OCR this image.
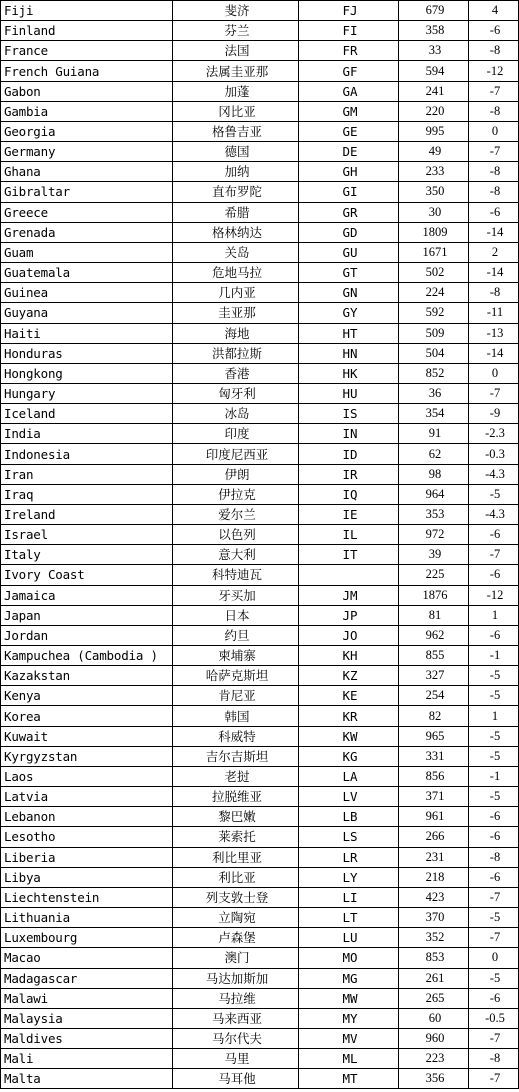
Fiji	斐济	FJ	679	4
Finland	芬兰	FI	358	-6
France	法国	FR	33	-8
French Guiana	法属圭亚那	GF	594	-12
Gabon	加蓬	GA	241	-7
Gambia	冈比亚	GM	220	-8
Georgia	格鲁吉亚	GE	995	0
Germany	德国	DE	49	-7
Ghana	加纳	GH	233	-8
Gibraltar	直布罗陀	GI	350	-8
Greece	希腊	GR	30	-6
Grenada	格林纳达	GD	1809	-14
Guam	关岛	GU	1671	2
Guatemala	危地马拉	GT	502	-14
Guinea	几内亚	GN	224	-8
Guyana	圭亚那	GY	592	-11
Haiti	海地	HT	509	-13
Honduras	洪都拉斯	HN	504	-14
Hongkong	香港	HK	852	0
Hungary	匈牙利	HU	36	-7
Iceland	冰岛	IS	354	-9
India	印度	IN	91	-2.3
Indonesia	印度尼西亚	ID	62	-0.3
Iran	伊朗	IR	98	-4.3
Iraq	伊拉克	IQ	964	-5
Ireland	爱尔兰	IE	353	-4.3
Israel	以色列	IL	972	-6
Italy	意大利	IT	39	-7
Ivory Coast	科特迪瓦		225	-6
Jamaica	牙买加	JM	1876	-12
Japan	日本	JP	81	1
Jordan	约旦	JO	962	-6
Kampuchea (Cambodia )	柬埔寨	KH	855	-1
Kazakstan	哈萨克斯坦	KZ	327	-5
Kenya	肯尼亚	KE	254	-5
Korea	韩国	KR	82	1
Kuwait	科威特	KW	965	-5
Kyrgyzstan	吉尔吉斯坦	KG	331	-5
Laos	老挝	LA	856	-1
Latvia	拉脱维亚	LV	371	-5
Lebanon	黎巴嫩	LB	961	-6
Lesotho	莱索托	LS	266	-6
Liberia	利比里亚	LR	231	-8
Libya	利比亚	LY	218	-6
Liechtenstein	列支敦士登	LI	423	-7
Lithuania	立陶宛	LT	370	-5
Luxembourg	卢森堡	LU	352	-7
Macao	澳门	MO	853	0
Madagascar	马达加斯加	MG	261	-5
Malawi	马拉维	MW	265	-6
Malaysia	马来西亚	MY	60	-0.5
Maldives	马尔代夫	MV	960	-7
Mali	马里	ML	223	-8
Malta	马耳他	MT	356	-7
